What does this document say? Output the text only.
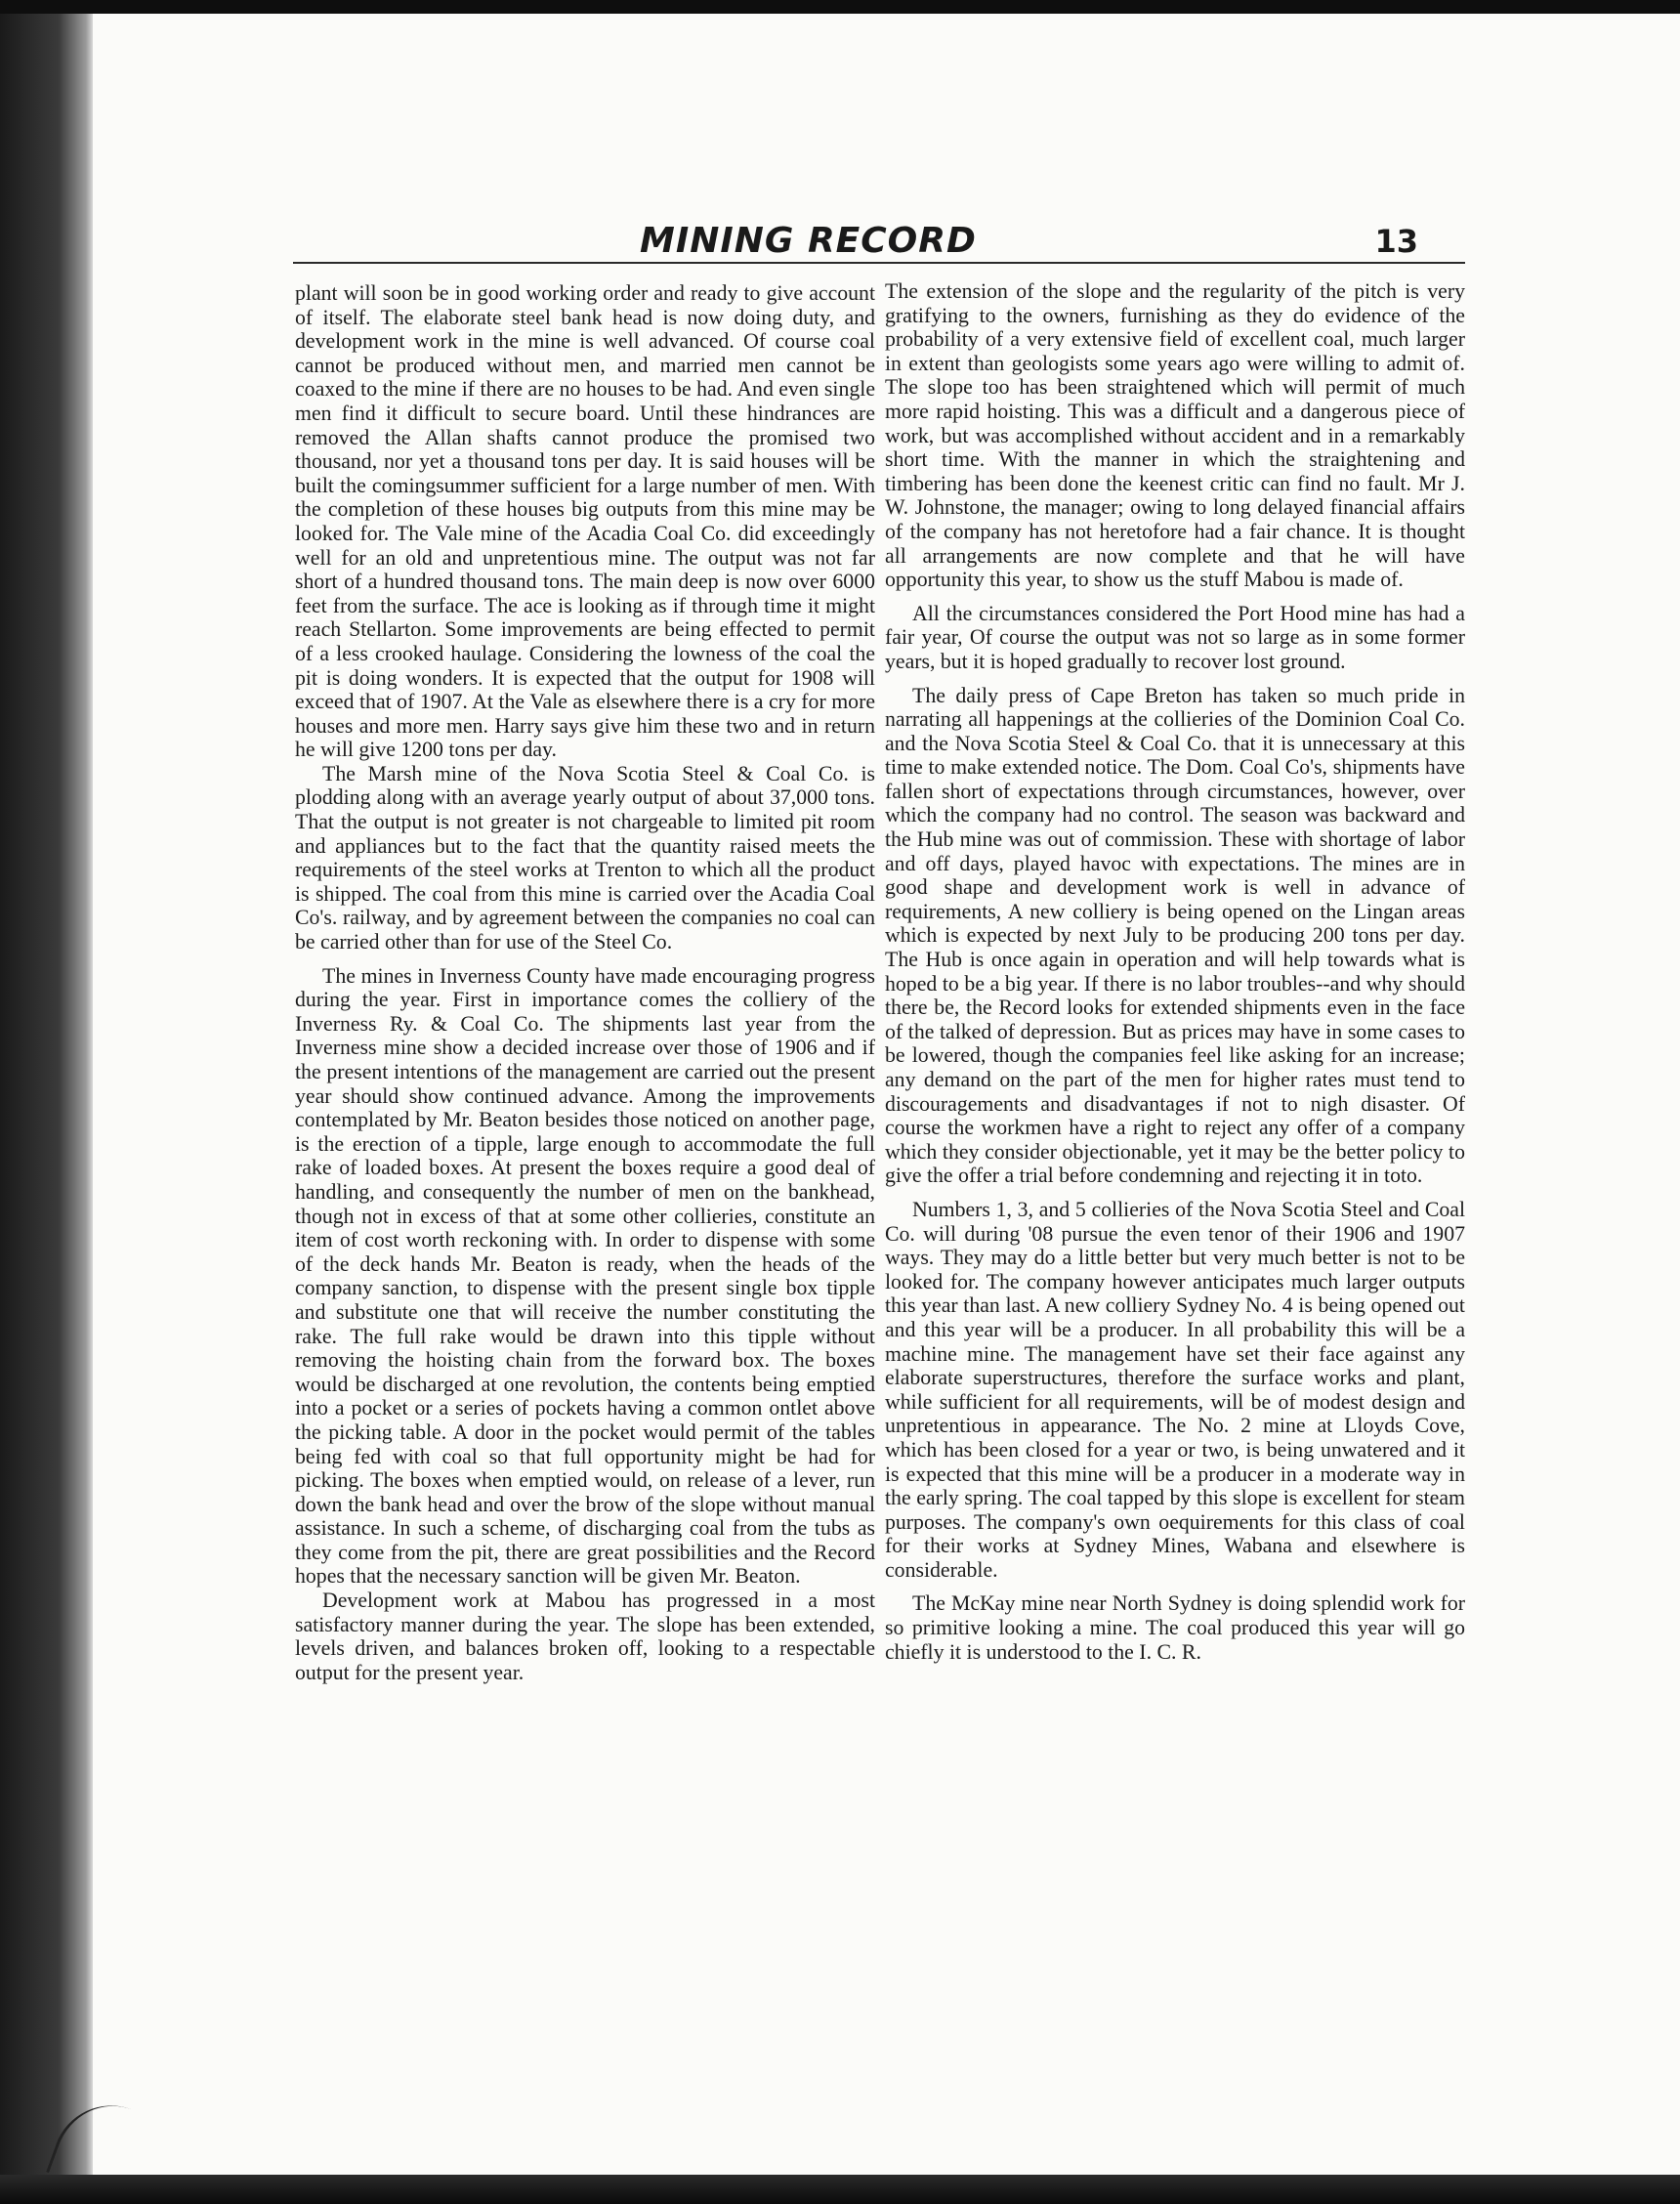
MINING RECORD	13

plant will soon be in good working order and ready to give account of itself. The elaborate steel bank head is now doing duty, and development work in the mine is well advanced. Of course coal cannot be produced without men, and married men cannot be coaxed to the mine if there are no houses to be had. And even single men find it difficult to secure board. Until these hindrances are removed the Allan shafts cannot produce the promised two thousand, nor yet a thousand tons per day. It is said houses will be built the comingsummer sufficient for a large number of men. With the completion of these houses big outputs from this mine may be looked for. The Vale mine of the Acadia Coal Co. did exceedingly well for an old and unpretentious mine. The output was not far short of a hundred thousand tons. The main deep is now over 6000 feet from the surface. The ace is looking as if through time it might reach Stellarton. Some improvements are being effected to permit of a less crooked haulage. Considering the lowness of the coal the pit is doing wonders. It is expected that the output for 1908 will exceed that of 1907. At the Vale as elsewhere there is a cry for more houses and more men. Harry says give him these two and in return he will give 1200 tons per day.

The Marsh mine of the Nova Scotia Steel & Coal Co. is plodding along with an average yearly output of about 37,000 tons. That the output is not greater is not chargeable to limited pit room and appliances but to the fact that the quantity raised meets the requirements of the steel works at Trenton to which all the product is shipped. The coal from this mine is carried over the Acadia Coal Co's. railway, and by agreement between the companies no coal can be carried other than for use of the Steel Co.

The mines in Inverness County have made encouraging progress during the year. First in importance comes the colliery of the Inverness Ry. & Coal Co. The shipments last year from the Inverness mine show a decided increase over those of 1906 and if the present intentions of the management are carried out the present year should show continued advance. Among the improvements contemplated by Mr. Beaton besides those noticed on another page, is the erection of a tipple, large enough to accommodate the full rake of loaded boxes. At present the boxes require a good deal of handling, and consequently the number of men on the bankhead, though not in excess of that at some other collieries, constitute an item of cost worth reckoning with. In order to dispense with some of the deck hands Mr. Beaton is ready, when the heads of the company sanction, to dispense with the present single box tipple and substitute one that will receive the number constituting the rake. The full rake would be drawn into this tipple without removing the hoisting chain from the forward box. The boxes would be discharged at one revolution, the contents being emptied into a pocket or a series of pockets having a common ontlet above the picking table. A door in the pocket would permit of the tables being fed with coal so that full opportunity might be had for picking. The boxes when emptied would, on release of a lever, run down the bank head and over the brow of the slope without manual assistance. In such a scheme, of discharging coal from the tubs as they come from the pit, there are great possibilities and the Record hopes that the necessary sanction will be given Mr. Beaton.

Development work at Mabou has progressed in a most satisfactory manner during the year. The slope has been extended, levels driven, and balances broken off, looking to a respectable output for the present year.

The extension of the slope and the regularity of the pitch is very gratifying to the owners, furnishing as they do evidence of the probability of a very extensive field of excellent coal, much larger in extent than geologists some years ago were willing to admit of. The slope too has been straightened which will permit of much more rapid hoisting. This was a difficult and a dangerous piece of work, but was accomplished without accident and in a remarkably short time. With the manner in which the straightening and timbering has been done the keenest critic can find no fault. Mr J. W. Johnstone, the manager; owing to long delayed financial affairs of the company has not heretofore had a fair chance. It is thought all arrangements are now complete and that he will have opportunity this year, to show us the stuff Mabou is made of.

All the circumstances considered the Port Hood mine has had a fair year, Of course the output was not so large as in some former years, but it is hoped gradually to recover lost ground.

The daily press of Cape Breton has taken so much pride in narrating all happenings at the collieries of the Dominion Coal Co. and the Nova Scotia Steel & Coal Co. that it is unnecessary at this time to make extended notice. The Dom. Coal Co's, shipments have fallen short of expectations through circumstances, however, over which the company had no control. The season was backward and the Hub mine was out of commission. These with shortage of labor and off days, played havoc with expectations. The mines are in good shape and development work is well in advance of requirements, A new colliery is being opened on the Lingan areas which is expected by next July to be producing 200 tons per day. The Hub is once again in operation and will help towards what is hoped to be a big year. If there is no labor troubles--and why should there be, the Record looks for extended shipments even in the face of the talked of depression. But as prices may have in some cases to be lowered, though the companies feel like asking for an increase; any demand on the part of the men for higher rates must tend to discouragements and disadvantages if not to nigh disaster. Of course the workmen have a right to reject any offer of a company which they consider objectionable, yet it may be the better policy to give the offer a trial before condemning and rejecting it in toto.

Numbers 1, 3, and 5 collieries of the Nova Scotia Steel and Coal Co. will during '08 pursue the even tenor of their 1906 and 1907 ways. They may do a little better but very much better is not to be looked for. The company however anticipates much larger outputs this year than last. A new colliery Sydney No. 4 is being opened out and this year will be a producer. In all probability this will be a machine mine. The management have set their face against any elaborate superstructures, therefore the surface works and plant, while sufficient for all requirements, will be of modest design and unpretentious in appearance. The No. 2 mine at Lloyds Cove, which has been closed for a year or two, is being unwatered and it is expected that this mine will be a producer in a moderate way in the early spring. The coal tapped by this slope is excellent for steam purposes. The company's own oequirements for this class of coal for their works at Sydney Mines, Wabana and elsewhere is considerable.

The McKay mine near North Sydney is doing splendid work for so primitive looking a mine. The coal produced this year will go chiefly it is understood to the I. C. R.
